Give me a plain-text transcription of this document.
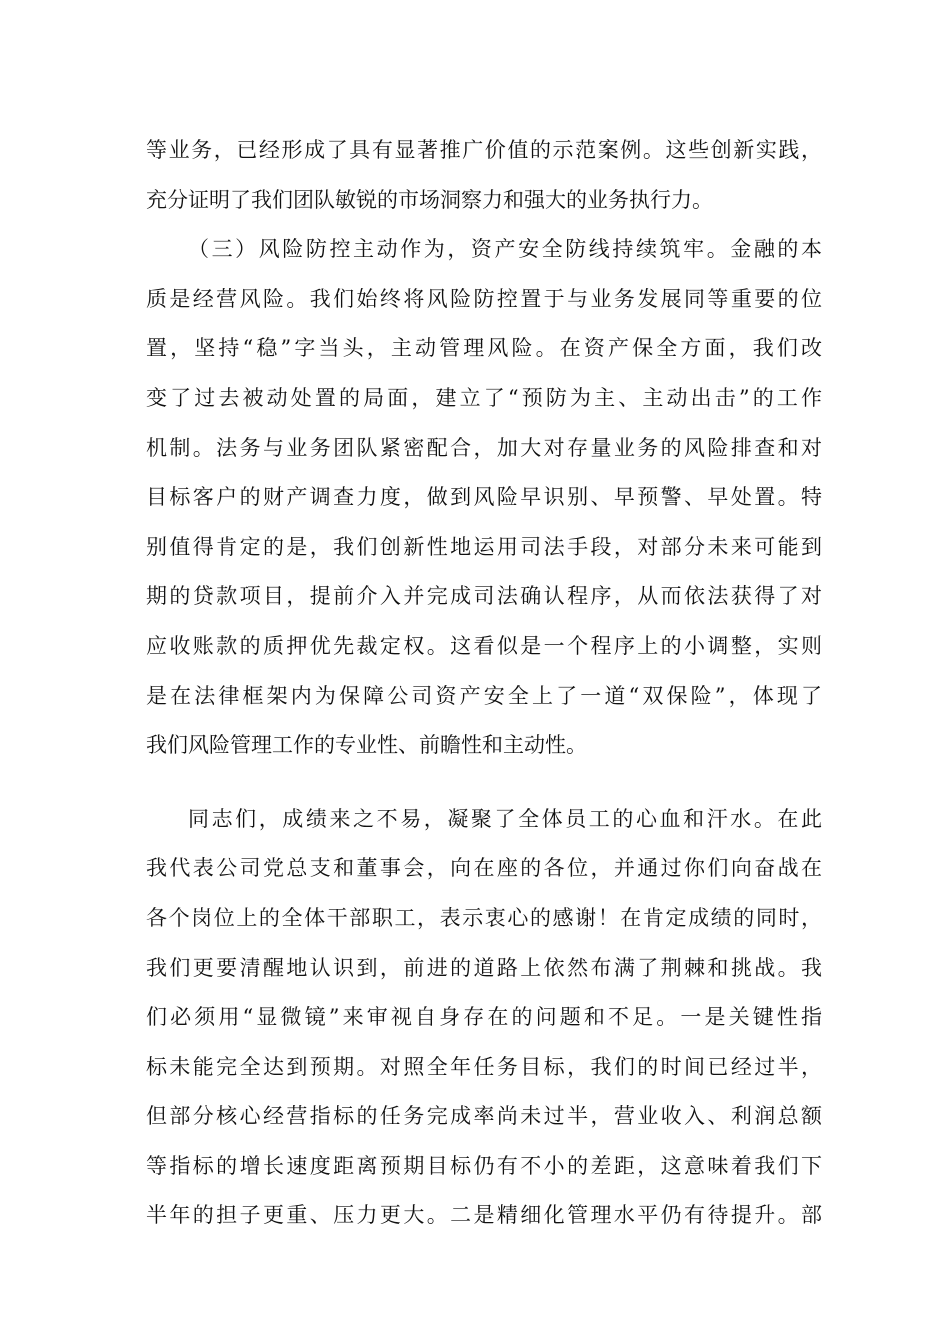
等业务，已经形成了具有显著推广价值的示范案例。这些创新实践，
充分证明了我们团队敏锐的市场洞察力和强大的业务执行力。
（三）风险防控主动作为，资产安全防线持续筑牢。金融的本
质是经营风险。我们始终将风险防控置于与业务发展同等重要的位
置，坚持“稳”字当头，主动管理风险。在资产保全方面，我们改
变了过去被动处置的局面，建立了“预防为主、主动出击”的工作
机制。法务与业务团队紧密配合，加大对存量业务的风险排查和对
目标客户的财产调查力度，做到风险早识别、早预警、早处置。特
别值得肯定的是，我们创新性地运用司法手段，对部分未来可能到
期的贷款项目，提前介入并完成司法确认程序，从而依法获得了对
应收账款的质押优先裁定权。这看似是一个程序上的小调整，实则
是在法律框架内为保障公司资产安全上了一道“双保险”，体现了
我们风险管理工作的专业性、前瞻性和主动性。
同志们，成绩来之不易，凝聚了全体员工的心血和汗水。在此
我代表公司党总支和董事会，向在座的各位，并通过你们向奋战在
各个岗位上的全体干部职工，表示衷心的感谢！在肯定成绩的同时，
我们更要清醒地认识到，前进的道路上依然布满了荆棘和挑战。我
们必须用“显微镜”来审视自身存在的问题和不足。一是关键性指
标未能完全达到预期。对照全年任务目标，我们的时间已经过半，
但部分核心经营指标的任务完成率尚未过半，营业收入、利润总额
等指标的增长速度距离预期目标仍有不小的差距，这意味着我们下
半年的担子更重、压力更大。二是精细化管理水平仍有待提升。部
